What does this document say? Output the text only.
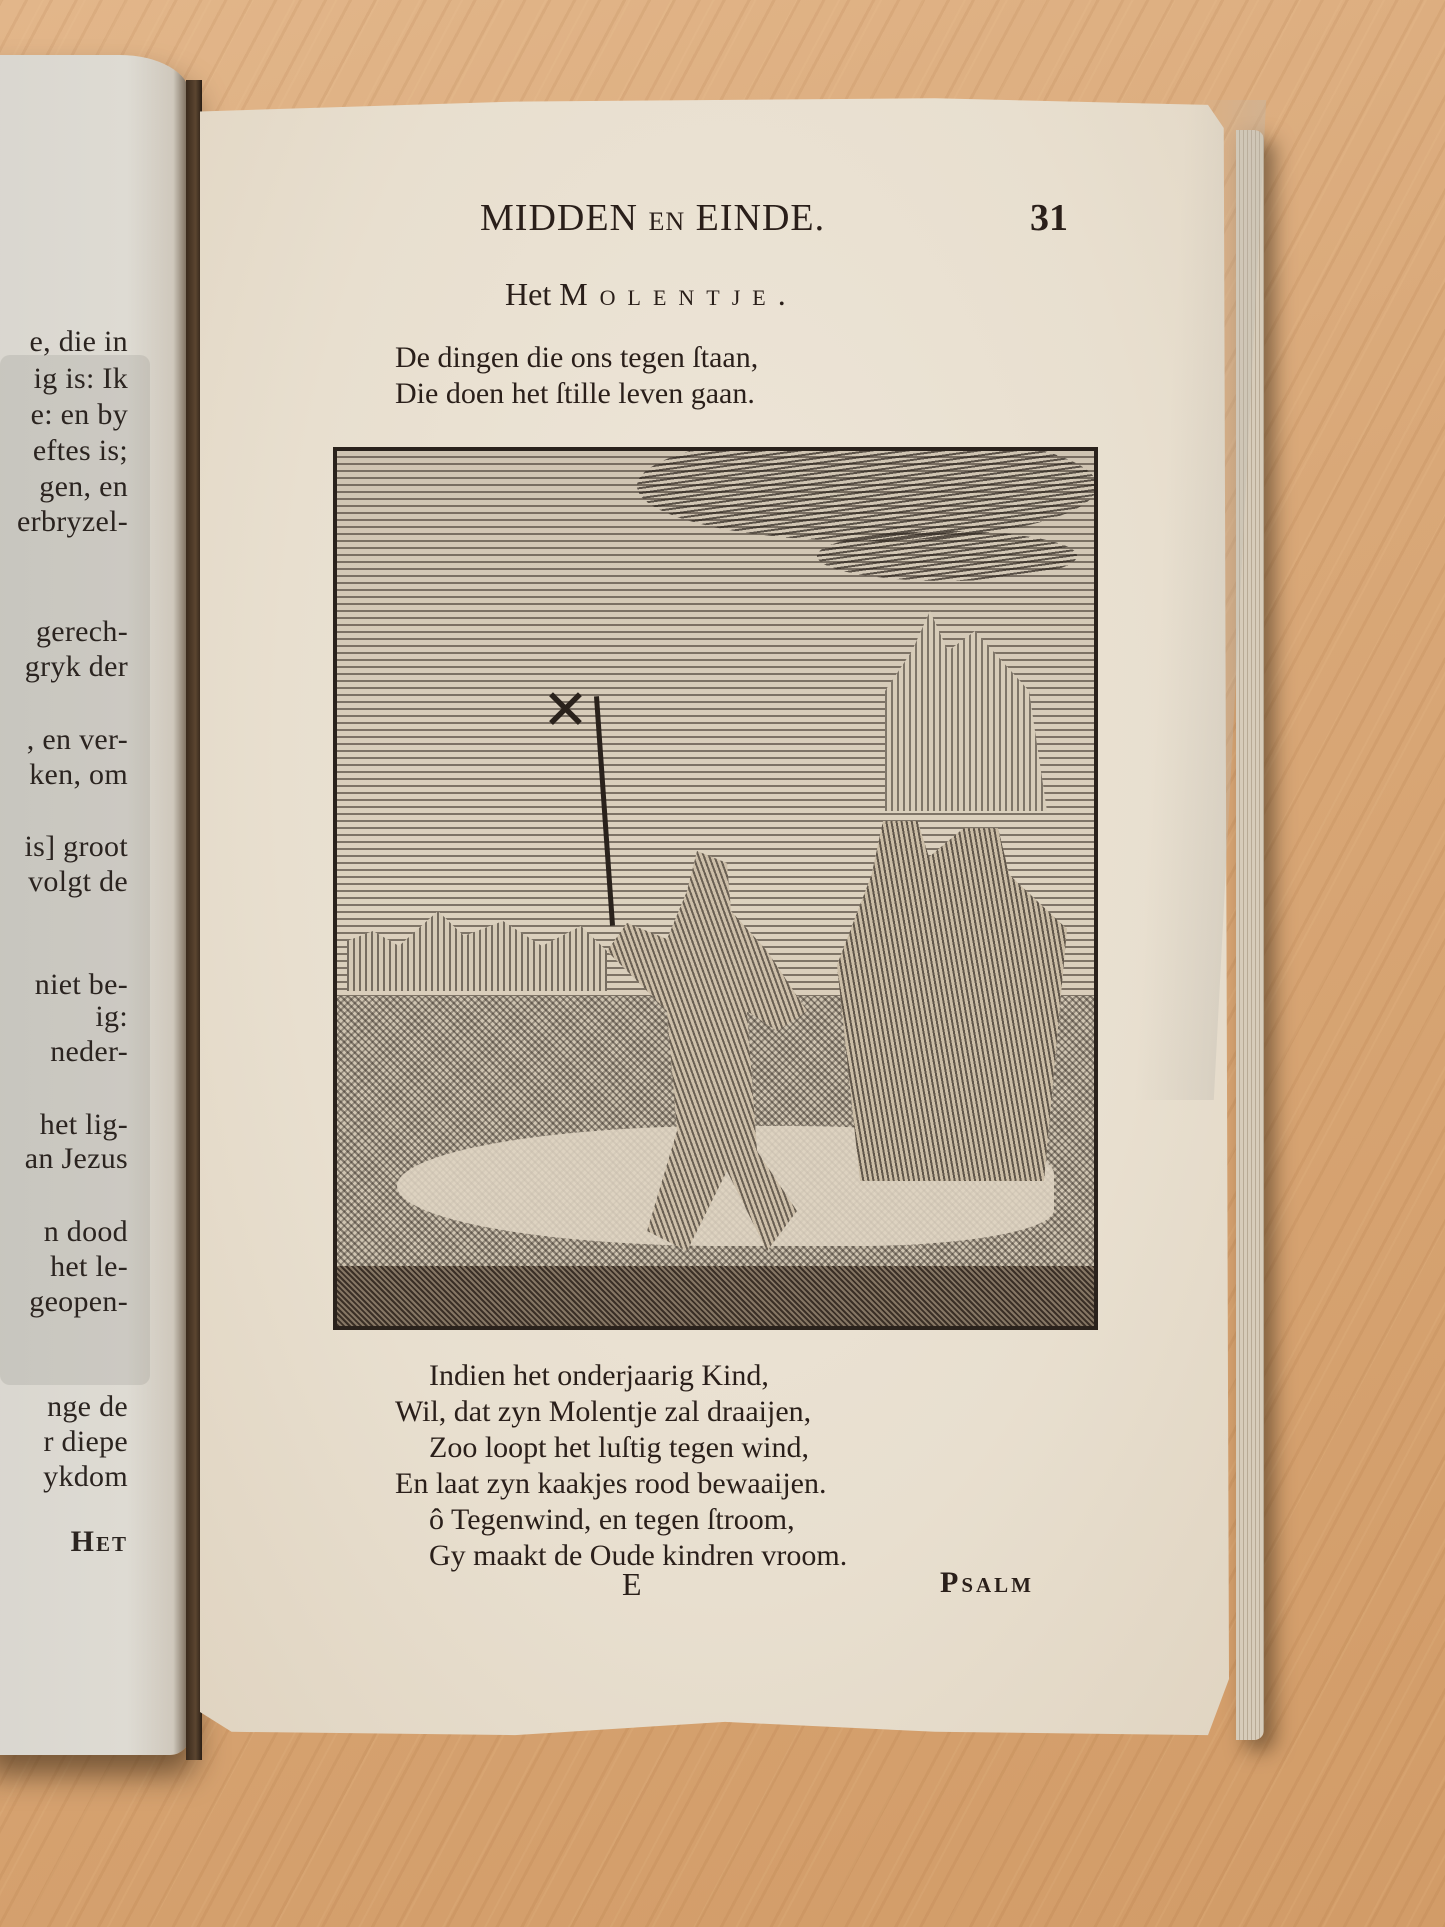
e, die in
ig is: Ik
e: en by
eftes is;
gen, en
erbryzel-
gerech-
gryk der
, en ver-
ken, om
is] groot
volgt de
niet be-
ig:
neder-
het lig-
an Jezus
n dood
het le-
geopen-
nge de
r diepe
ykdom
Het
MIDDEN EN EINDE.	31
Het Molentje.
De dingen die ons tegen ſtaan,
Die doen het ſtille leven gaan.
✕
Indien het onderjaarig Kind,
Wil, dat zyn Molentje zal draaijen,
Zoo loopt het luſtig tegen wind,
En laat zyn kaakjes rood bewaaijen.
ô Tegenwind, en tegen ſtroom,
Gy maakt de Oude kindren vroom.
E	Psalm
